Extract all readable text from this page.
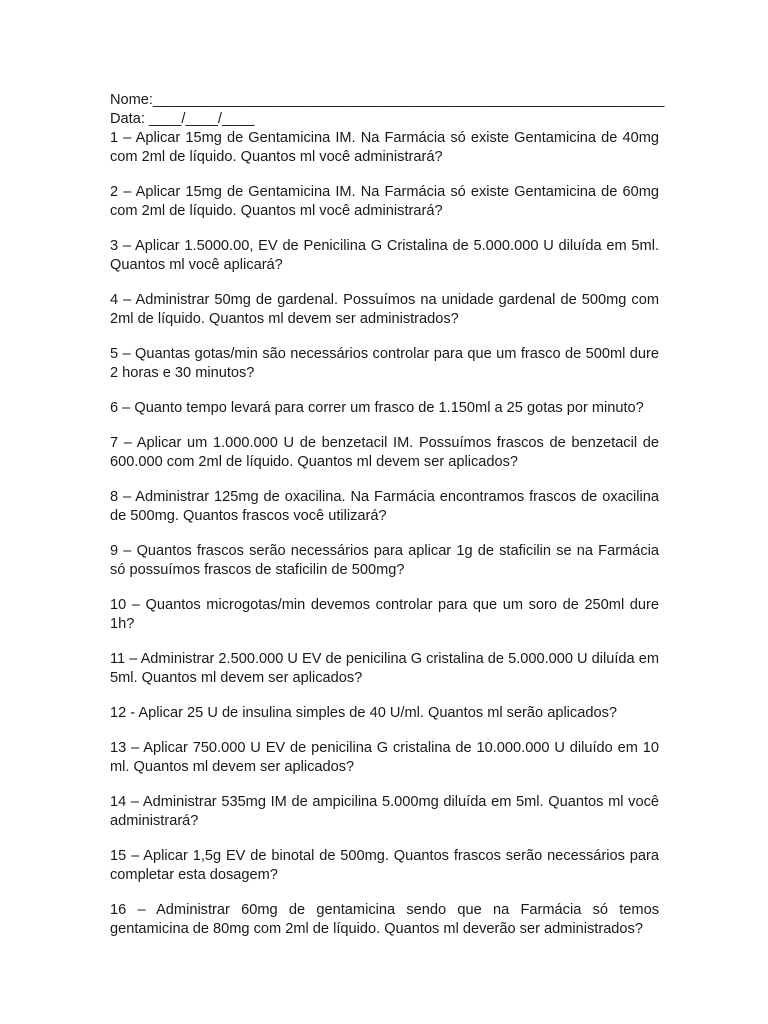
Nome:_______________________________________________________________

Data: ____/____/____

1 – Aplicar 15mg de Gentamicina IM. Na Farmácia só existe Gentamicina de 40mg com 2ml de líquido. Quantos ml você administrará?

2 – Aplicar 15mg de Gentamicina IM. Na Farmácia só existe Gentamicina de 60mg com 2ml de líquido. Quantos ml você administrará?

3 – Aplicar 1.5000.00, EV de Penicilina G Cristalina de 5.000.000 U diluída em 5ml. Quantos ml você aplicará?

4 – Administrar 50mg de gardenal. Possuímos na unidade gardenal de 500mg com 2ml de líquido. Quantos ml devem ser administrados?

5 – Quantas gotas/min são necessários controlar para que um frasco de 500ml dure 2 horas e 30 minutos?

6 – Quanto tempo levará para correr um frasco de 1.150ml a 25 gotas por minuto?

7 – Aplicar um 1.000.000 U de benzetacil IM. Possuímos frascos de benzetacil de 600.000 com 2ml de líquido. Quantos ml devem ser aplicados?

8 – Administrar 125mg de oxacilina. Na Farmácia encontramos frascos de oxacilina de 500mg. Quantos frascos você utilizará?

9 – Quantos frascos serão necessários para aplicar 1g de staficilin se na Farmácia só possuímos frascos de staficilin de 500mg?

10 – Quantos microgotas/min devemos controlar para que um soro de 250ml dure 1h?

11 – Administrar 2.500.000 U EV de penicilina G cristalina de 5.000.000 U diluída em 5ml. Quantos ml devem ser aplicados?

12 - Aplicar 25 U de insulina simples de 40 U/ml. Quantos ml serão aplicados?

13 – Aplicar 750.000 U EV de penicilina G cristalina de 10.000.000 U diluído em 10 ml. Quantos ml devem ser aplicados?

14 – Administrar 535mg IM de ampicilina 5.000mg diluída em 5ml. Quantos ml você administrará?

15 – Aplicar 1,5g EV de binotal de 500mg. Quantos frascos serão necessários para completar esta dosagem?

16 – Administrar 60mg de gentamicina sendo que na Farmácia só temos gentamicina de 80mg com 2ml de líquido. Quantos ml deverão ser administrados?
